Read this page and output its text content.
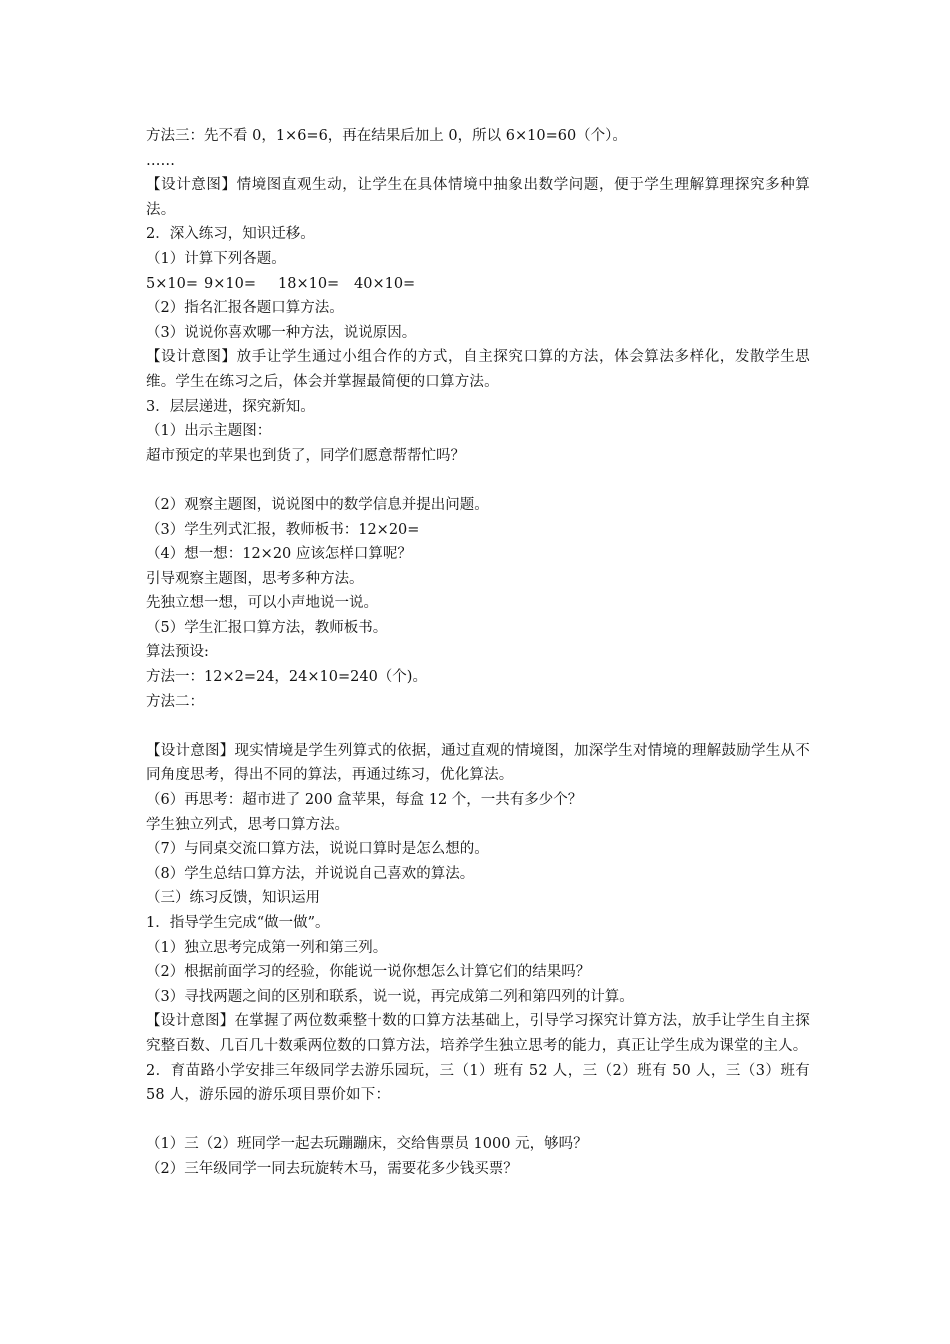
方法三：先不看 0，1×6=6，再在结果后加上 0，所以 6×10=60（个）。
……
【设计意图】情境图直观生动，让学生在具体情境中抽象出数学问题，便于学生理解算理探究多种算法。
2．深入练习，知识迁移。
（1）计算下列各题。
5×10= 9×10=	18×10=	40×10=
（2）指名汇报各题口算方法。
（3）说说你喜欢哪一种方法，说说原因。
【设计意图】放手让学生通过小组合作的方式，自主探究口算的方法，体会算法多样化，发散学生思维。学生在练习之后，体会并掌握最简便的口算方法。
3．层层递进，探究新知。
（1）出示主题图：
超市预定的苹果也到货了，同学们愿意帮帮忙吗？
（2）观察主题图，说说图中的数学信息并提出问题。
（3）学生列式汇报，教师板书：12×20=
（4）想一想：12×20 应该怎样口算呢？
引导观察主题图，思考多种方法。
先独立想一想，可以小声地说一说。
（5）学生汇报口算方法，教师板书。
算法预设:
方法一：12×2=24，24×10=240（个)。
方法二：
【设计意图】现实情境是学生列算式的依据，通过直观的情境图，加深学生对情境的理解鼓励学生从不同角度思考，得出不同的算法，再通过练习，优化算法。
（6）再思考：超市进了 200 盒苹果，每盒 12 个，一共有多少个？
学生独立列式，思考口算方法。
（7）与同桌交流口算方法，说说口算时是怎么想的。
（8）学生总结口算方法，并说说自己喜欢的算法。
（三）练习反馈，知识运用
1．指导学生完成“做一做”。
（1）独立思考完成第一列和第三列。
（2）根据前面学习的经验，你能说一说你想怎么计算它们的结果吗？
（3）寻找两题之间的区别和联系，说一说，再完成第二列和第四列的计算。
【设计意图】在掌握了两位数乘整十数的口算方法基础上，引导学习探究计算方法，放手让学生自主探究整百数、几百几十数乘两位数的口算方法，培养学生独立思考的能力，真正让学生成为课堂的主人。
2．育苗路小学安排三年级同学去游乐园玩，三（1）班有 52 人，三（2）班有 50 人，三（3）班有 58 人，游乐园的游乐项目票价如下：
（1）三（2）班同学一起去玩蹦蹦床，交给售票员 1000 元，够吗？
（2）三年级同学一同去玩旋转木马，需要花多少钱买票？
